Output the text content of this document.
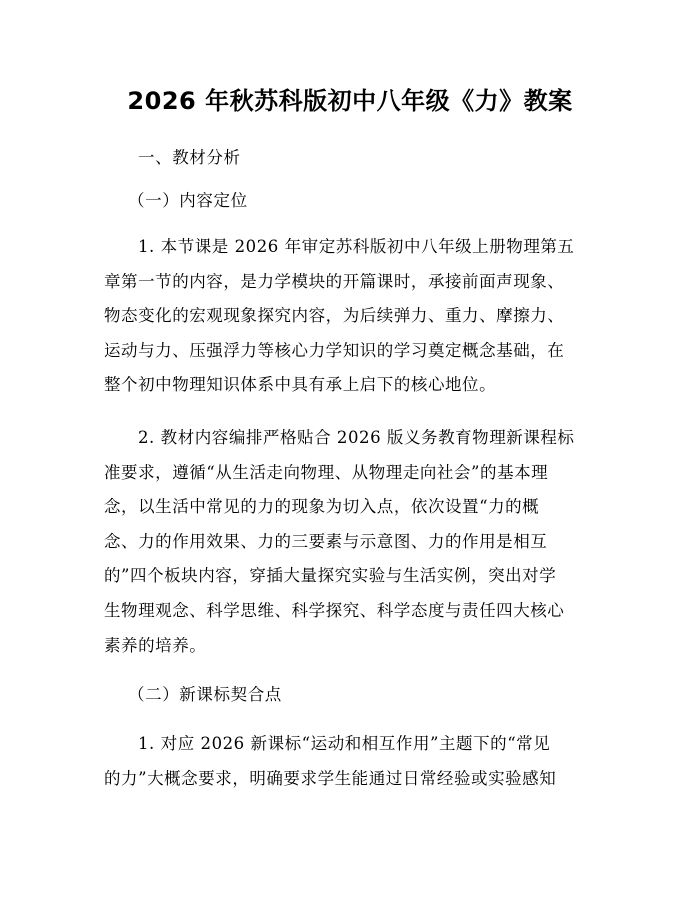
2026 年秋苏科版初中八年级《力》教案
一、教材分析
（一）内容定位
1. 本节课是 2026 年审定苏科版初中八年级上册物理第五
章第一节的内容，是力学模块的开篇课时，承接前面声现象、
物态变化的宏观现象探究内容，为后续弹力、重力、摩擦力、
运动与力、压强浮力等核心力学知识的学习奠定概念基础，在
整个初中物理知识体系中具有承上启下的核心地位。
2. 教材内容编排严格贴合 2026 版义务教育物理新课程标
准要求，遵循“从生活走向物理、从物理走向社会”的基本理
念，以生活中常见的力的现象为切入点，依次设置“力的概
念、力的作用效果、力的三要素与示意图、力的作用是相互
的”四个板块内容，穿插大量探究实验与生活实例，突出对学
生物理观念、科学思维、科学探究、科学态度与责任四大核心
素养的培养。
（二）新课标契合点
1. 对应 2026 新课标“运动和相互作用”主题下的“常见
的力”大概念要求，明确要求学生能通过日常经验或实验感知
